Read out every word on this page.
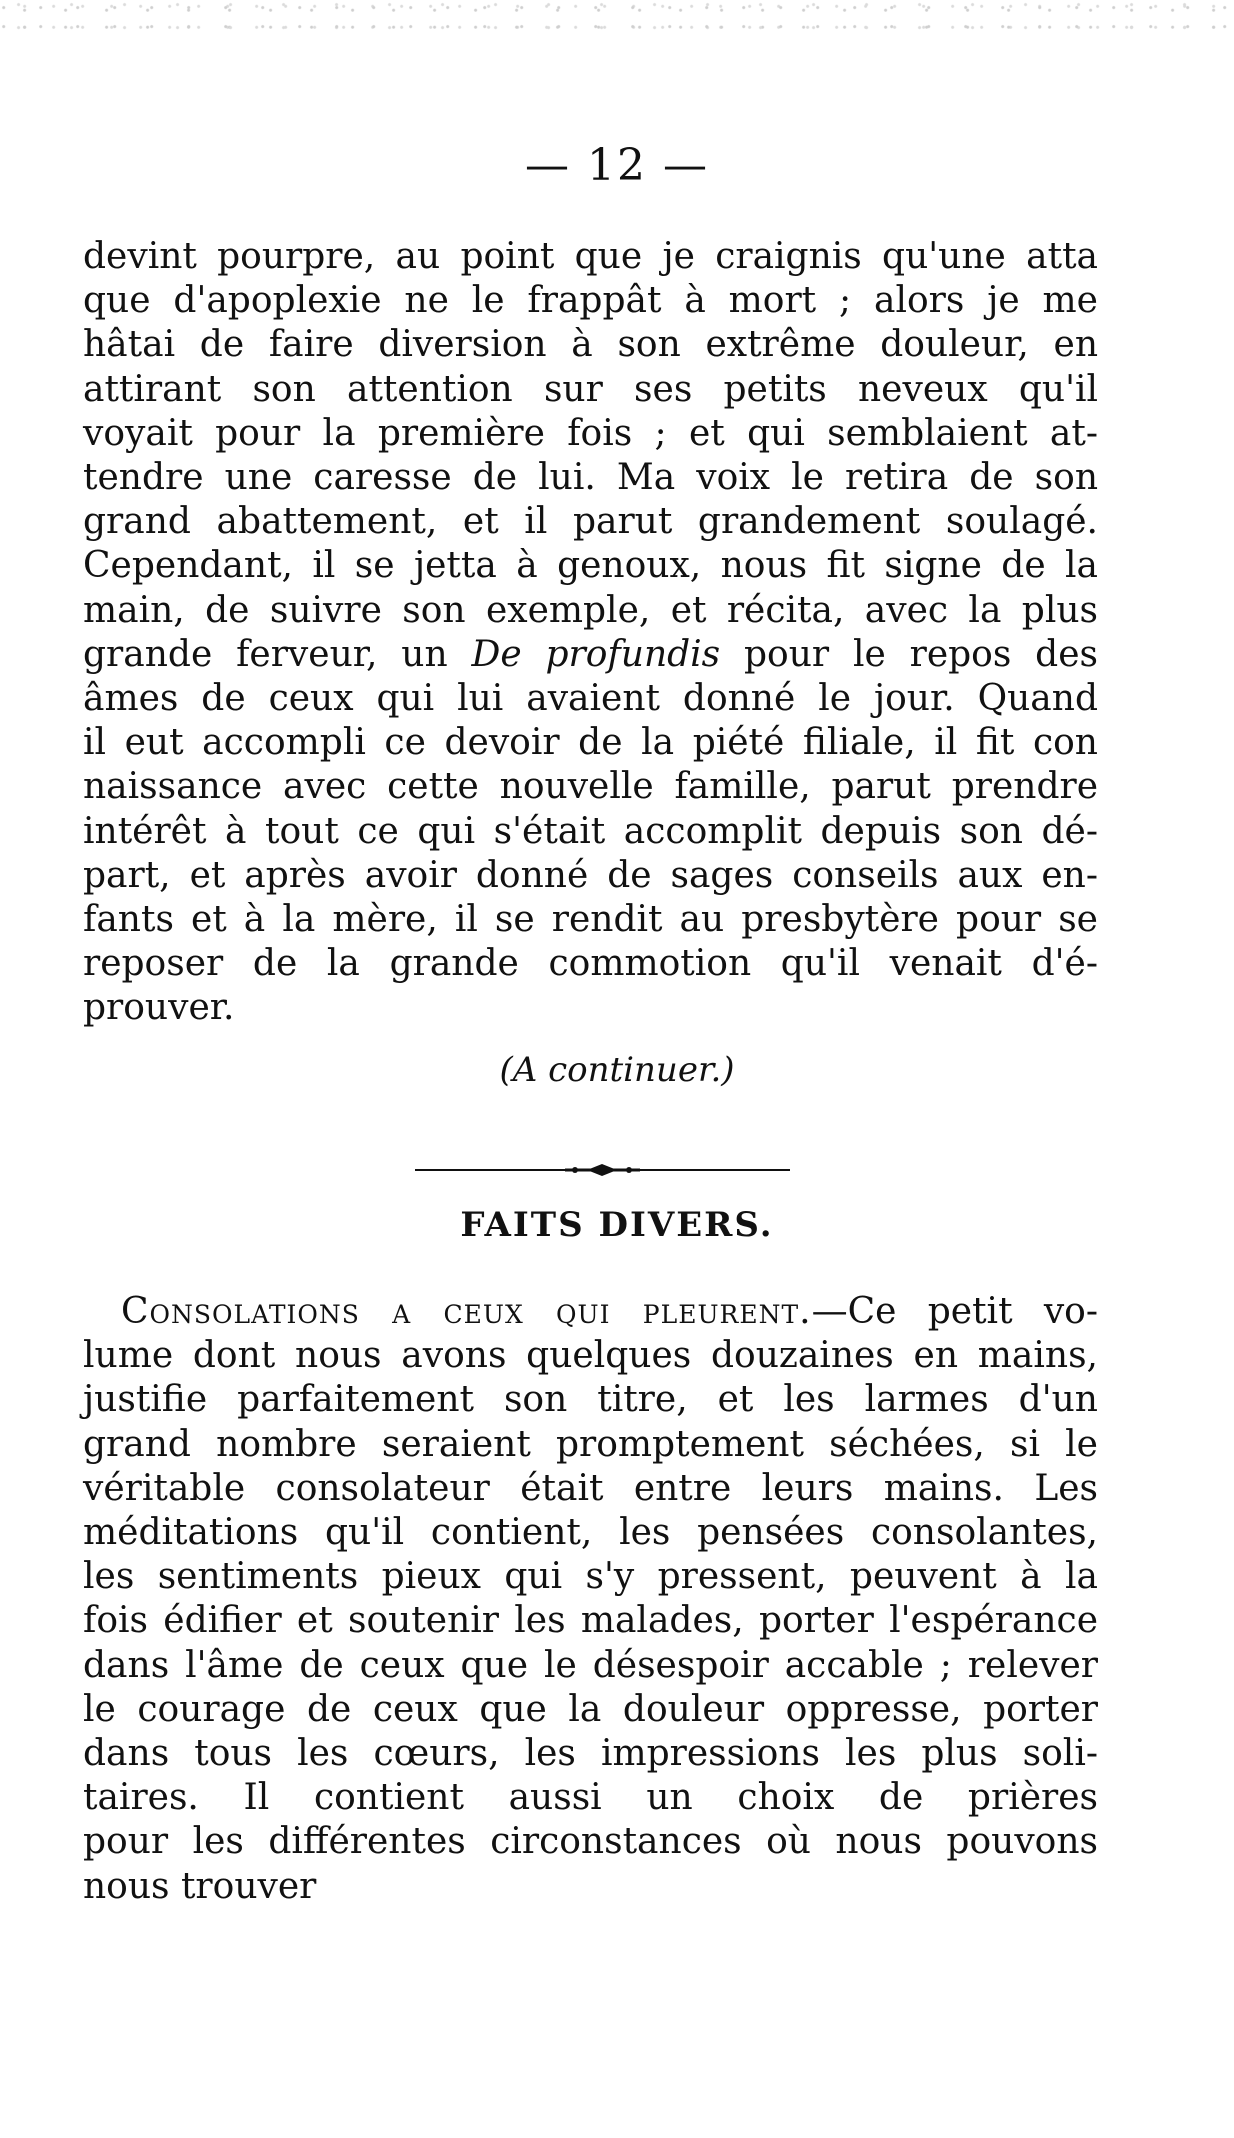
— 12 —
devint pourpre, au point que je craignis qu'une atta
que d'apoplexie ne le frappât à mort ; alors je me
hâtai de faire diversion à son extrême douleur, en
attirant son attention sur ses petits neveux qu'il
voyait pour la première fois ; et qui semblaient at-
tendre une caresse de lui. Ma voix le retira de son
grand abattement, et il parut grandement soulagé.
Cependant, il se jetta à genoux, nous fit signe de la
main, de suivre son exemple, et récita, avec la plus
grande ferveur, un De profundis pour le repos des
âmes de ceux qui lui avaient donné le jour. Quand
il eut accompli ce devoir de la piété filiale, il fit con
naissance avec cette nouvelle famille, parut prendre
intérêt à tout ce qui s'était accomplit depuis son dé-
part, et après avoir donné de sages conseils aux en-
fants et à la mère, il se rendit au presbytère pour se
reposer de la grande commotion qu'il venait d'é-
prouver.
(A continuer.)
FAITS DIVERS.
Consolations a ceux qui pleurent.—Ce petit vo-
lume dont nous avons quelques douzaines en mains,
justifie parfaitement son titre, et les larmes d'un
grand nombre seraient promptement séchées, si le
véritable consolateur était entre leurs mains. Les
méditations qu'il contient, les pensées consolantes,
les sentiments pieux qui s'y pressent, peuvent à la
fois édifier et soutenir les malades, porter l'espérance
dans l'âme de ceux que le désespoir accable ; relever
le courage de ceux que la douleur oppresse, porter
dans tous les cœurs, les impressions les plus soli-
taires. Il contient aussi un choix de prières
pour les différentes circonstances où nous pouvons
nous trouver
